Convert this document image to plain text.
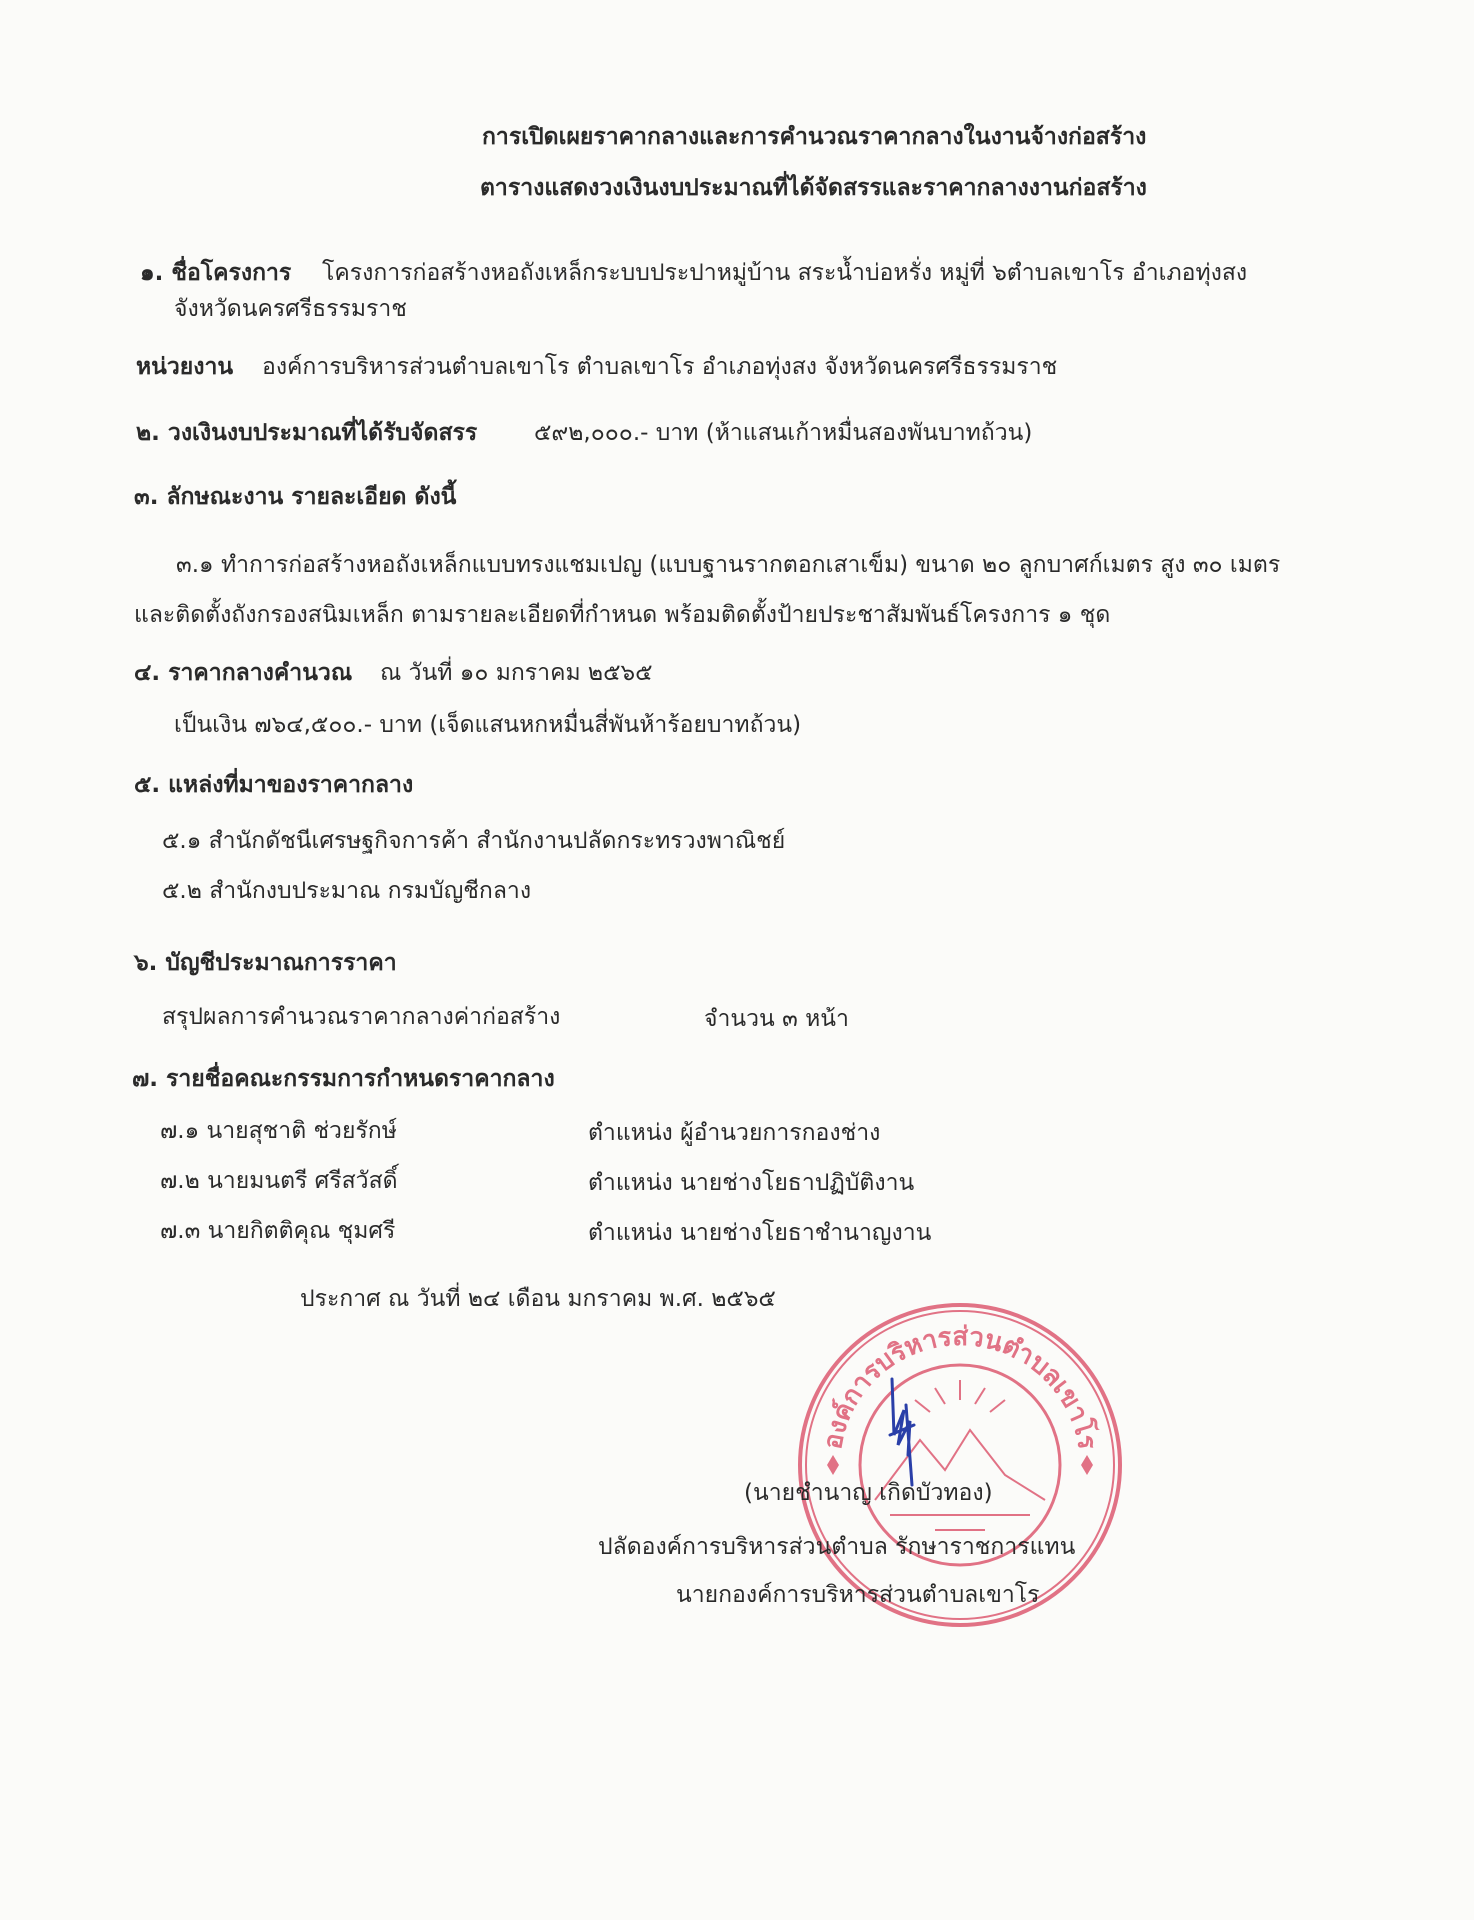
การเปิดเผยราคากลางและการคำนวณราคากลางในงานจ้างก่อสร้าง
ตารางแสดงวงเงินงบประมาณที่ได้จัดสรรและราคากลางงานก่อสร้าง
๑. ชื่อโครงการ โครงการก่อสร้างหอถังเหล็กระบบประปาหมู่บ้าน สระน้ำบ่อหรั่ง หมู่ที่ ๖ตำบลเขาโร อำเภอทุ่งสง
จังหวัดนครศรีธรรมราช
หน่วยงาน องค์การบริหารส่วนตำบลเขาโร ตำบลเขาโร อำเภอทุ่งสง จังหวัดนครศรีธรรมราช
๒. วงเงินงบประมาณที่ได้รับจัดสรร ๕๙๒,๐๐๐.- บาท (ห้าแสนเก้าหมื่นสองพันบาทถ้วน)
๓. ลักษณะงาน รายละเอียด ดังนี้
๓.๑ ทำการก่อสร้างหอถังเหล็กแบบทรงแชมเปญ (แบบฐานรากตอกเสาเข็ม) ขนาด ๒๐ ลูกบาศก์เมตร สูง ๓๐ เมตร
และติดตั้งถังกรองสนิมเหล็ก ตามรายละเอียดที่กำหนด พร้อมติดตั้งป้ายประชาสัมพันธ์โครงการ ๑ ชุด
๔. ราคากลางคำนวณ ณ วันที่ ๑๐ มกราคม ๒๕๖๕
เป็นเงิน ๗๖๔,๕๐๐.- บาท (เจ็ดแสนหกหมื่นสี่พันห้าร้อยบาทถ้วน)
๕. แหล่งที่มาของราคากลาง
๕.๑ สำนักดัชนีเศรษฐกิจการค้า สำนักงานปลัดกระทรวงพาณิชย์
๕.๒ สำนักงบประมาณ กรมบัญชีกลาง
๖. บัญชีประมาณการราคา
สรุปผลการคำนวณราคากลางค่าก่อสร้าง	จำนวน ๓ หน้า
๗. รายชื่อคณะกรรมการกำหนดราคากลาง
๗.๑ นายสุชาติ ช่วยรักษ์	ตำแหน่ง ผู้อำนวยการกองช่าง
๗.๒ นายมนตรี ศรีสวัสดิ์	ตำแหน่ง นายช่างโยธาปฏิบัติงาน
๗.๓ นายกิตติคุณ ชุมศรี	ตำแหน่ง นายช่างโยธาชำนาญงาน
ประกาศ ณ วันที่ ๒๔ เดือน มกราคม พ.ศ. ๒๕๖๕
องค์การบริหารส่วนตำบลเขาโร
(นายชำนาญ เกิดบัวทอง)
ปลัดองค์การบริหารส่วนตำบล รักษาราชการแทน
นายกองค์การบริหารส่วนตำบลเขาโร
